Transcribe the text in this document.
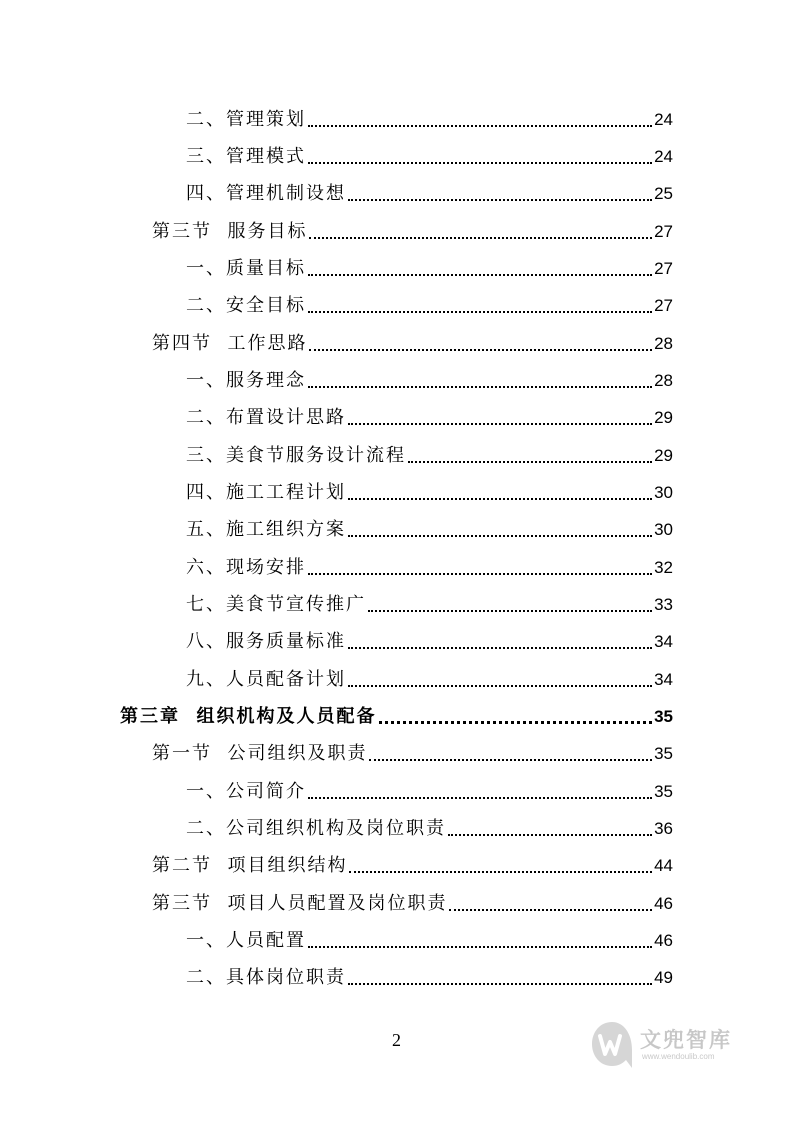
二、管理策划	24
三、管理模式	24
四、管理机制设想	25
第三节  服务目标	27
一、质量目标	27
二、安全目标	27
第四节  工作思路	28
一、服务理念	28
二、布置设计思路	29
三、美食节服务设计流程	29
四、施工工程计划	30
五、施工组织方案	30
六、现场安排	32
七、美食节宣传推广	33
八、服务质量标准	34
九、人员配备计划	34
第三章  组织机构及人员配备	35
第一节  公司组织及职责	35
一、公司简介	35
二、公司组织机构及岗位职责	36
第二节  项目组织结构	44
第三节  项目人员配置及岗位职责	46
一、人员配置	46
二、具体岗位职责	49
2	文兜智库
www.wendoulib.com
